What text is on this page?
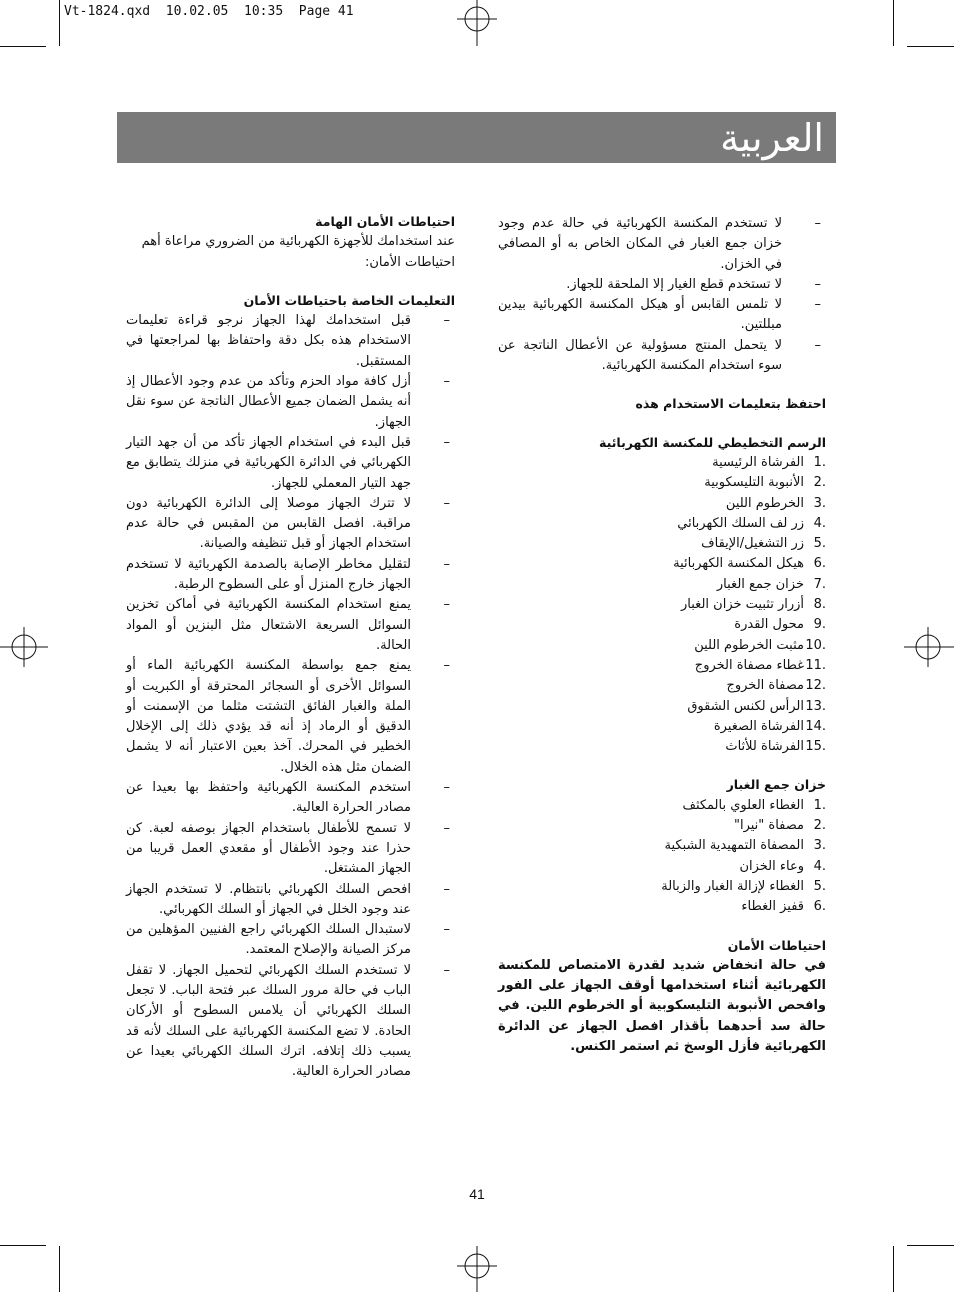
Vt-1824.qxd  10.02.05  10:35  Page 41
العربية
–
لا تستخدم المكنسة الكهربائية في حالة عدم وجود خزان جمع الغبار في المكان الخاص به أو المصافي في الخزان.
–
لا تستخدم قطع الغيار إلا الملحقة للجهاز.
–
لا تلمس القابس أو هيكل المكنسة الكهربائية بيدين مبللتين.
–
لا يتحمل المنتج مسؤولية عن الأعطال الناتجة عن سوء استخدام المكنسة الكهربائية.

احتفظ بتعليمات الاستخدام هذه

الرسم التخطيطي للمكنسة الكهربائية

1.
الفرشاة الرئيسية
2.
الأنبوبة التليسكوبية
3.
الخرطوم اللين
4.
زر لف السلك الكهربائي
5.
زر التشغيل/الإيقاف
6.
هيكل المكنسة الكهربائية
7.
خزان جمع الغبار
8.
أزرار تثبيت خزان الغبار
9.
محول القدرة
10.
مثبت الخرطوم اللين
11.
غطاء مصفاة الخروج
12.
مصفاة الخروج
13.
الرأس لكنس الشقوق
14.
الفرشاة الصغيرة
15.
الفرشاة للأثاث

خزان جمع الغبار

1.
الغطاء العلوي بالمكثف
2.
مصفاة "نيرا"
3.
المصفاة التمهيدية الشبكية
4.
وعاء الخزان
5.
الغطاء لإزالة الغبار والزبالة
6.
قفيز الغطاء

احتياطات الأمان

في حالة انخفاض شديد لقدرة الامتصاص للمكنسة الكهربائية أثناء استخدامها أوقف الجهاز على الفور وافحص الأنبوبة التليسكوبية أو الخرطوم اللين. في حالة سد أحدهما بأقذار افصل الجهاز عن الدائرة الكهربائية فأزل الوسخ ثم استمر الكنس.

احتياطات الأمان الهامة

عند استخدامك للأجهزة الكهربائية من الضروري مراعاة أهم احتياطات الأمان:

التعليمات الخاصة باحتياطات الأمان

–
قبل استخدامك لهذا الجهاز نرجو قراءة تعليمات الاستخدام هذه بكل دقة واحتفاظ بها لمراجعتها في المستقبل.
–
أزل كافة مواد الحزم وتأكد من عدم وجود الأعطال إذ أنه يشمل الضمان جميع الأعطال الناتجة عن سوء نقل الجهاز.
–
قبل البدء في استخدام الجهاز تأكد من أن جهد التيار الكهربائي في الدائرة الكهربائية في منزلك يتطابق مع جهد التيار المعملي للجهاز.
–
لا تترك الجهاز موصلا إلى الدائرة الكهربائية دون مراقبة. افصل القابس من المقبس في حالة عدم استخدام الجهاز أو قبل تنظيفه والصيانة.
–
لتقليل مخاطر الإصابة بالصدمة الكهربائية لا تستخدم الجهاز خارج المنزل أو على السطوح الرطبة.
–
يمنع استخدام المكنسة الكهربائية في أماكن تخزين السوائل السريعة الاشتعال مثل البنزين أو المواد الحالة.
–
يمنع جمع بواسطة المكنسة الكهربائية الماء أو السوائل الأخرى أو السجائر المحترقة أو الكبريت أو الملة والغبار الفائق التشتت مثلما من الإسمنت أو الدقيق أو الرماد إذ أنه قد يؤدي ذلك إلى الإخلال الخطير في المحرك. آخذ بعين الاعتبار أنه لا يشمل الضمان مثل هذه الخلال.
–
استخدم المكنسة الكهربائية واحتفظ بها بعيدا عن مصادر الحرارة العالية.
–
لا تسمح للأطفال باستخدام الجهاز بوصفه لعبة. كن حذرا عند وجود الأطفال أو مقعدي العمل قريبا من الجهاز المشتغل.
–
افحص السلك الكهربائي بانتظام. لا تستخدم الجهاز عند وجود الخلل في الجهاز أو السلك الكهربائي.
–
لاستبدال السلك الكهربائي راجع الفنيين المؤهلين من مركز الصيانة والإصلاح المعتمد.
–
لا تستخدم السلك الكهربائي لتحميل الجهاز. لا تقفل الباب في حالة مرور السلك عبر فتحة الباب. لا تجعل السلك الكهربائي أن يلامس السطوح أو الأركان الحادة. لا تضع المكنسة الكهربائية على السلك لأنه قد يسبب ذلك إتلافه. اترك السلك الكهربائي بعيدا عن مصادر الحرارة العالية.
41
